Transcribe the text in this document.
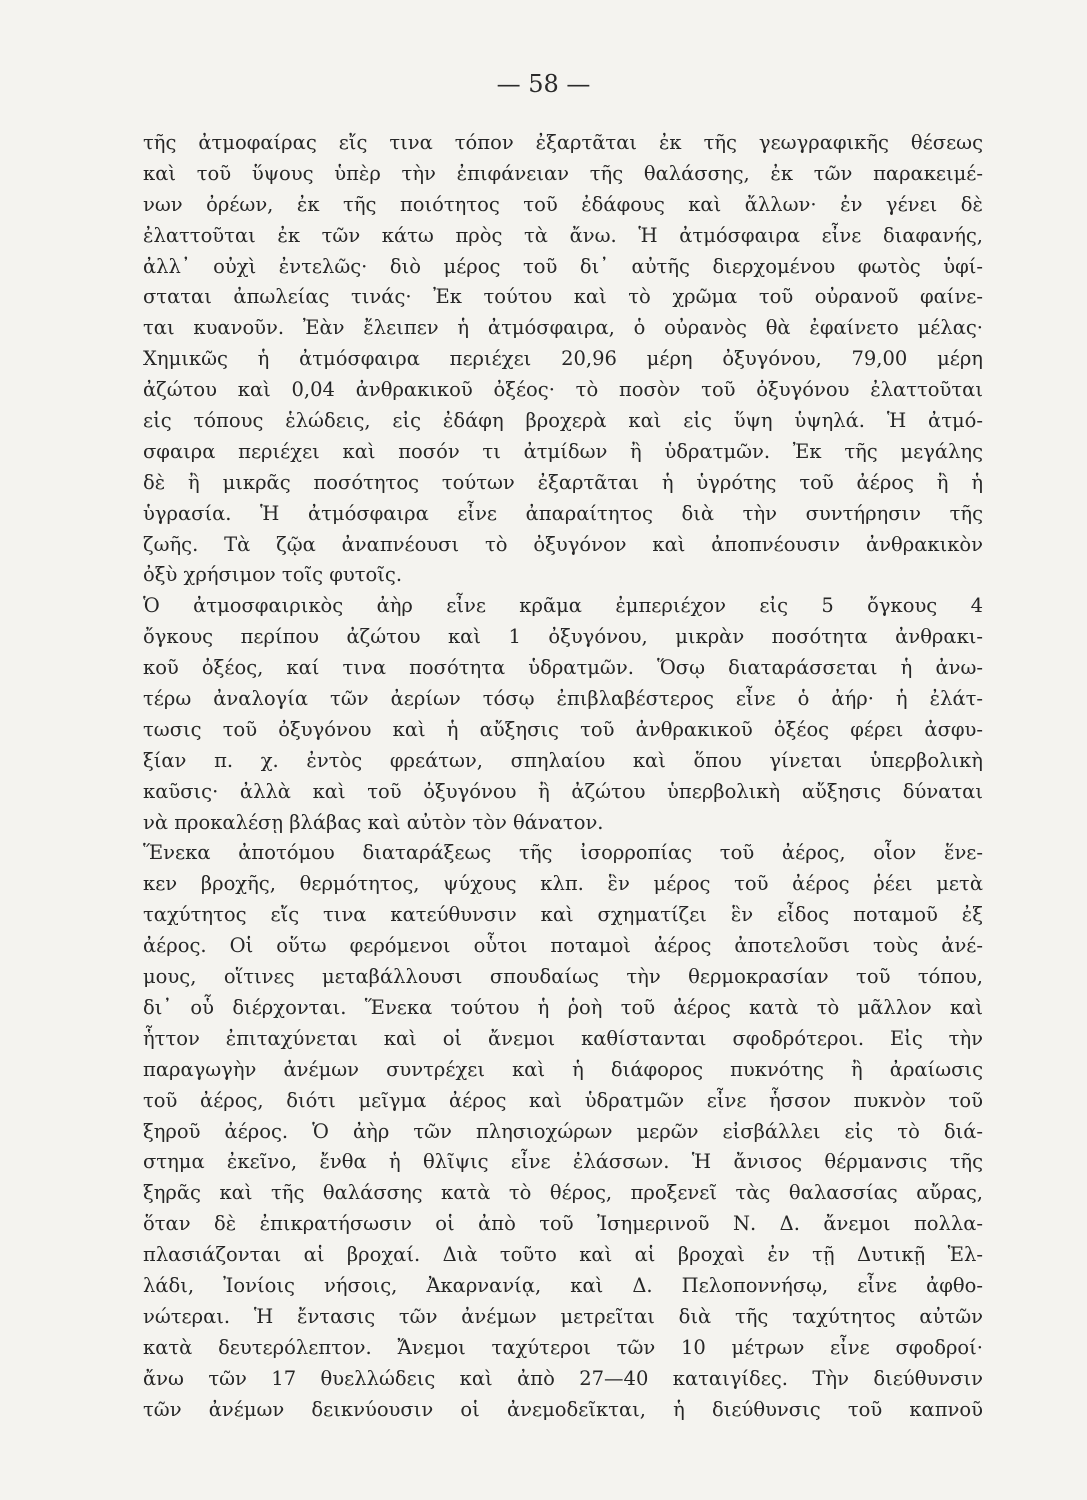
— 58 —
τῆς ἀτμοφαίρας εἴς τινα τόπον ἐξαρτᾶται ἐκ τῆς γεωγραφικῆς θέσεως
καὶ τοῦ ὕψους ὑπὲρ τὴν ἐπιφάνειαν τῆς θαλάσσης, ἐκ τῶν παρακειμέ-
νων ὀρέων, ἐκ τῆς ποιότητος τοῦ ἐδάφους καὶ ἄλλων· ἐν γένει δὲ
ἐλαττοῦται ἐκ τῶν κάτω πρὸς τὰ ἄνω. Ἡ ἀτμόσφαιρα εἶνε διαφανής,
ἀλλ᾽ οὐχὶ ἐντελῶς· διὸ μέρος τοῦ δι᾽ αὐτῆς διερχομένου φωτὸς ὑφί-
σταται ἀπωλείας τινάς· Ἐκ τούτου καὶ τὸ χρῶμα τοῦ οὐρανοῦ φαίνε-
ται κυανοῦν. Ἐὰν ἔλειπεν ἡ ἀτμόσφαιρα, ὁ οὐρανὸς θὰ ἐφαίνετο μέλας·
Χημικῶς ἡ ἀτμόσφαιρα περιέχει 20,96 μέρη ὀξυγόνου, 79,00 μέρη
ἀζώτου καὶ 0,04 ἀνθρακικοῦ ὀξέος· τὸ ποσὸν τοῦ ὀξυγόνου ἐλαττοῦται
εἰς τόπους ἑλώδεις, εἰς ἐδάφη βροχερὰ καὶ εἰς ὕψη ὑψηλά. Ἡ ἀτμό-
σφαιρα περιέχει καὶ ποσόν τι ἀτμίδων ἢ ὑδρατμῶν. Ἐκ τῆς μεγάλης
δὲ ἢ μικρᾶς ποσότητος τούτων ἐξαρτᾶται ἡ ὑγρότης τοῦ ἀέρος ἢ ἡ
ὑγρασία. Ἡ ἀτμόσφαιρα εἶνε ἀπαραίτητος διὰ τὴν συντήρησιν τῆς
ζωῆς. Τὰ ζῷα ἀναπνέουσι τὸ ὀξυγόνον καὶ ἀποπνέουσιν ἀνθρακικὸν
ὀξὺ χρήσιμον τοῖς φυτοῖς.
Ὁ ἀτμοσφαιρικὸς ἀὴρ εἶνε κρᾶμα ἐμπεριέχον εἰς 5 ὄγκους 4
ὄγκους περίπου ἀζώτου καὶ 1 ὀξυγόνου, μικρὰν ποσότητα ἀνθρακι-
κοῦ ὀξέος, καί τινα ποσότητα ὑδρατμῶν. Ὅσῳ διαταράσσεται ἡ ἀνω-
τέρω ἀναλογία τῶν ἀερίων τόσῳ ἐπιβλαβέστερος εἶνε ὁ ἀήρ· ἡ ἐλάτ-
τωσις τοῦ ὀξυγόνου καὶ ἡ αὔξησις τοῦ ἀνθρακικοῦ ὀξέος φέρει ἀσφυ-
ξίαν π. χ. ἐντὸς φρεάτων, σπηλαίου καὶ ὅπου γίνεται ὑπερβολικὴ
καῦσις· ἀλλὰ καὶ τοῦ ὀξυγόνου ἢ ἀζώτου ὑπερβολικὴ αὔξησις δύναται
νὰ προκαλέσῃ βλάβας καὶ αὐτὸν τὸν θάνατον.
Ἕνεκα ἀποτόμου διαταράξεως τῆς ἰσορροπίας τοῦ ἀέρος, οἷον ἕνε-
κεν βροχῆς, θερμότητος, ψύχους κλπ. ἓν μέρος τοῦ ἀέρος ῥέει μετὰ
ταχύτητος εἴς τινα κατεύθυνσιν καὶ σχηματίζει ἓν εἶδος ποταμοῦ ἐξ
ἀέρος. Οἱ οὕτω φερόμενοι οὗτοι ποταμοὶ ἀέρος ἀποτελοῦσι τοὺς ἀνέ-
μους, οἵτινες μεταβάλλουσι σπουδαίως τὴν θερμοκρασίαν τοῦ τόπου,
δι᾽ οὗ διέρχονται. Ἕνεκα τούτου ἡ ῥοὴ τοῦ ἀέρος κατὰ τὸ μᾶλλον καὶ
ἧττον ἐπιταχύνεται καὶ οἱ ἄνεμοι καθίστανται σφοδρότεροι. Εἰς τὴν
παραγωγὴν ἀνέμων συντρέχει καὶ ἡ διάφορος πυκνότης ἢ ἀραίωσις
τοῦ ἀέρος, διότι μεῖγμα ἀέρος καὶ ὑδρατμῶν εἶνε ἧσσον πυκνὸν τοῦ
ξηροῦ ἀέρος. Ὁ ἀὴρ τῶν πλησιοχώρων μερῶν εἰσβάλλει εἰς τὸ διά-
στημα ἐκεῖνο, ἔνθα ἡ θλῖψις εἶνε ἐλάσσων. Ἡ ἄνισος θέρμανσις τῆς
ξηρᾶς καὶ τῆς θαλάσσης κατὰ τὸ θέρος, προξενεῖ τὰς θαλασσίας αὔρας,
ὅταν δὲ ἐπικρατήσωσιν οἱ ἀπὸ τοῦ Ἰσημερινοῦ Ν. Δ. ἄνεμοι πολλα-
πλασιάζονται αἱ βροχαί. Διὰ τοῦτο καὶ αἱ βροχαὶ ἐν τῇ Δυτικῇ Ἑλ-
λάδι, Ἰονίοις νήσοις, Ἀκαρνανίᾳ, καὶ Δ. Πελοποννήσῳ, εἶνε ἀφθο-
νώτεραι. Ἡ ἔντασις τῶν ἀνέμων μετρεῖται διὰ τῆς ταχύτητος αὐτῶν
κατὰ δευτερόλεπτον. Ἄνεμοι ταχύτεροι τῶν 10 μέτρων εἶνε σφοδροί·
ἄνω τῶν 17 θυελλώδεις καὶ ἀπὸ 27—40 καταιγίδες. Τὴν διεύθυνσιν
τῶν ἀνέμων δεικνύουσιν οἱ ἀνεμοδεῖκται, ἡ διεύθυνσις τοῦ καπνοῦ
